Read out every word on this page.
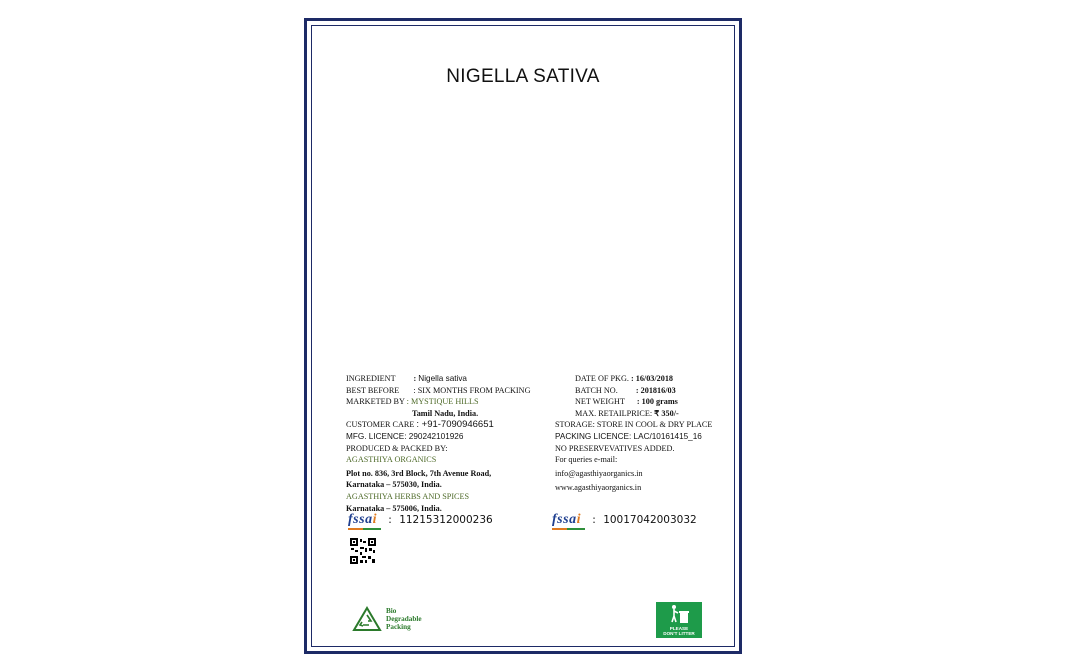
NIGELLA SATIVA
INGREDIENT : Nigella sativa
BEST BEFORE : SIX MONTHS FROM PACKING
MARKETED BY : MYSTIQUE HILLS
Tamil Nadu, India.
CUSTOMER CARE : +91-7090946651
MFG. LICENCE: 290242101926
PRODUCED & PACKED BY:
AGASTHIYA ORGANICS
Plot no. 836, 3rd Block, 7th Avenue Road,
Karnataka – 575030, India.
AGASTHIYA HERBS AND SPICES
Karnataka – 575006, India.
DATE OF PKG. : 16/03/2018
BATCH NO. : 201816/03
NET WEIGHT : 100 grams
MAX. RETAILPRICE: ₹ 350/-
STORAGE: STORE IN COOL & DRY PLACE
PACKING LICENCE: LAC/10161415_16
NO PRESERVEVATIVES ADDED.
For queries e-mail:
info@agasthiyaorganics.in
www.agasthiyaorganics.in
fssai : 11215312000236	fssai : 10017042003032
Bio
Degradable
Packing	PLEASE
DON'T LITTER
